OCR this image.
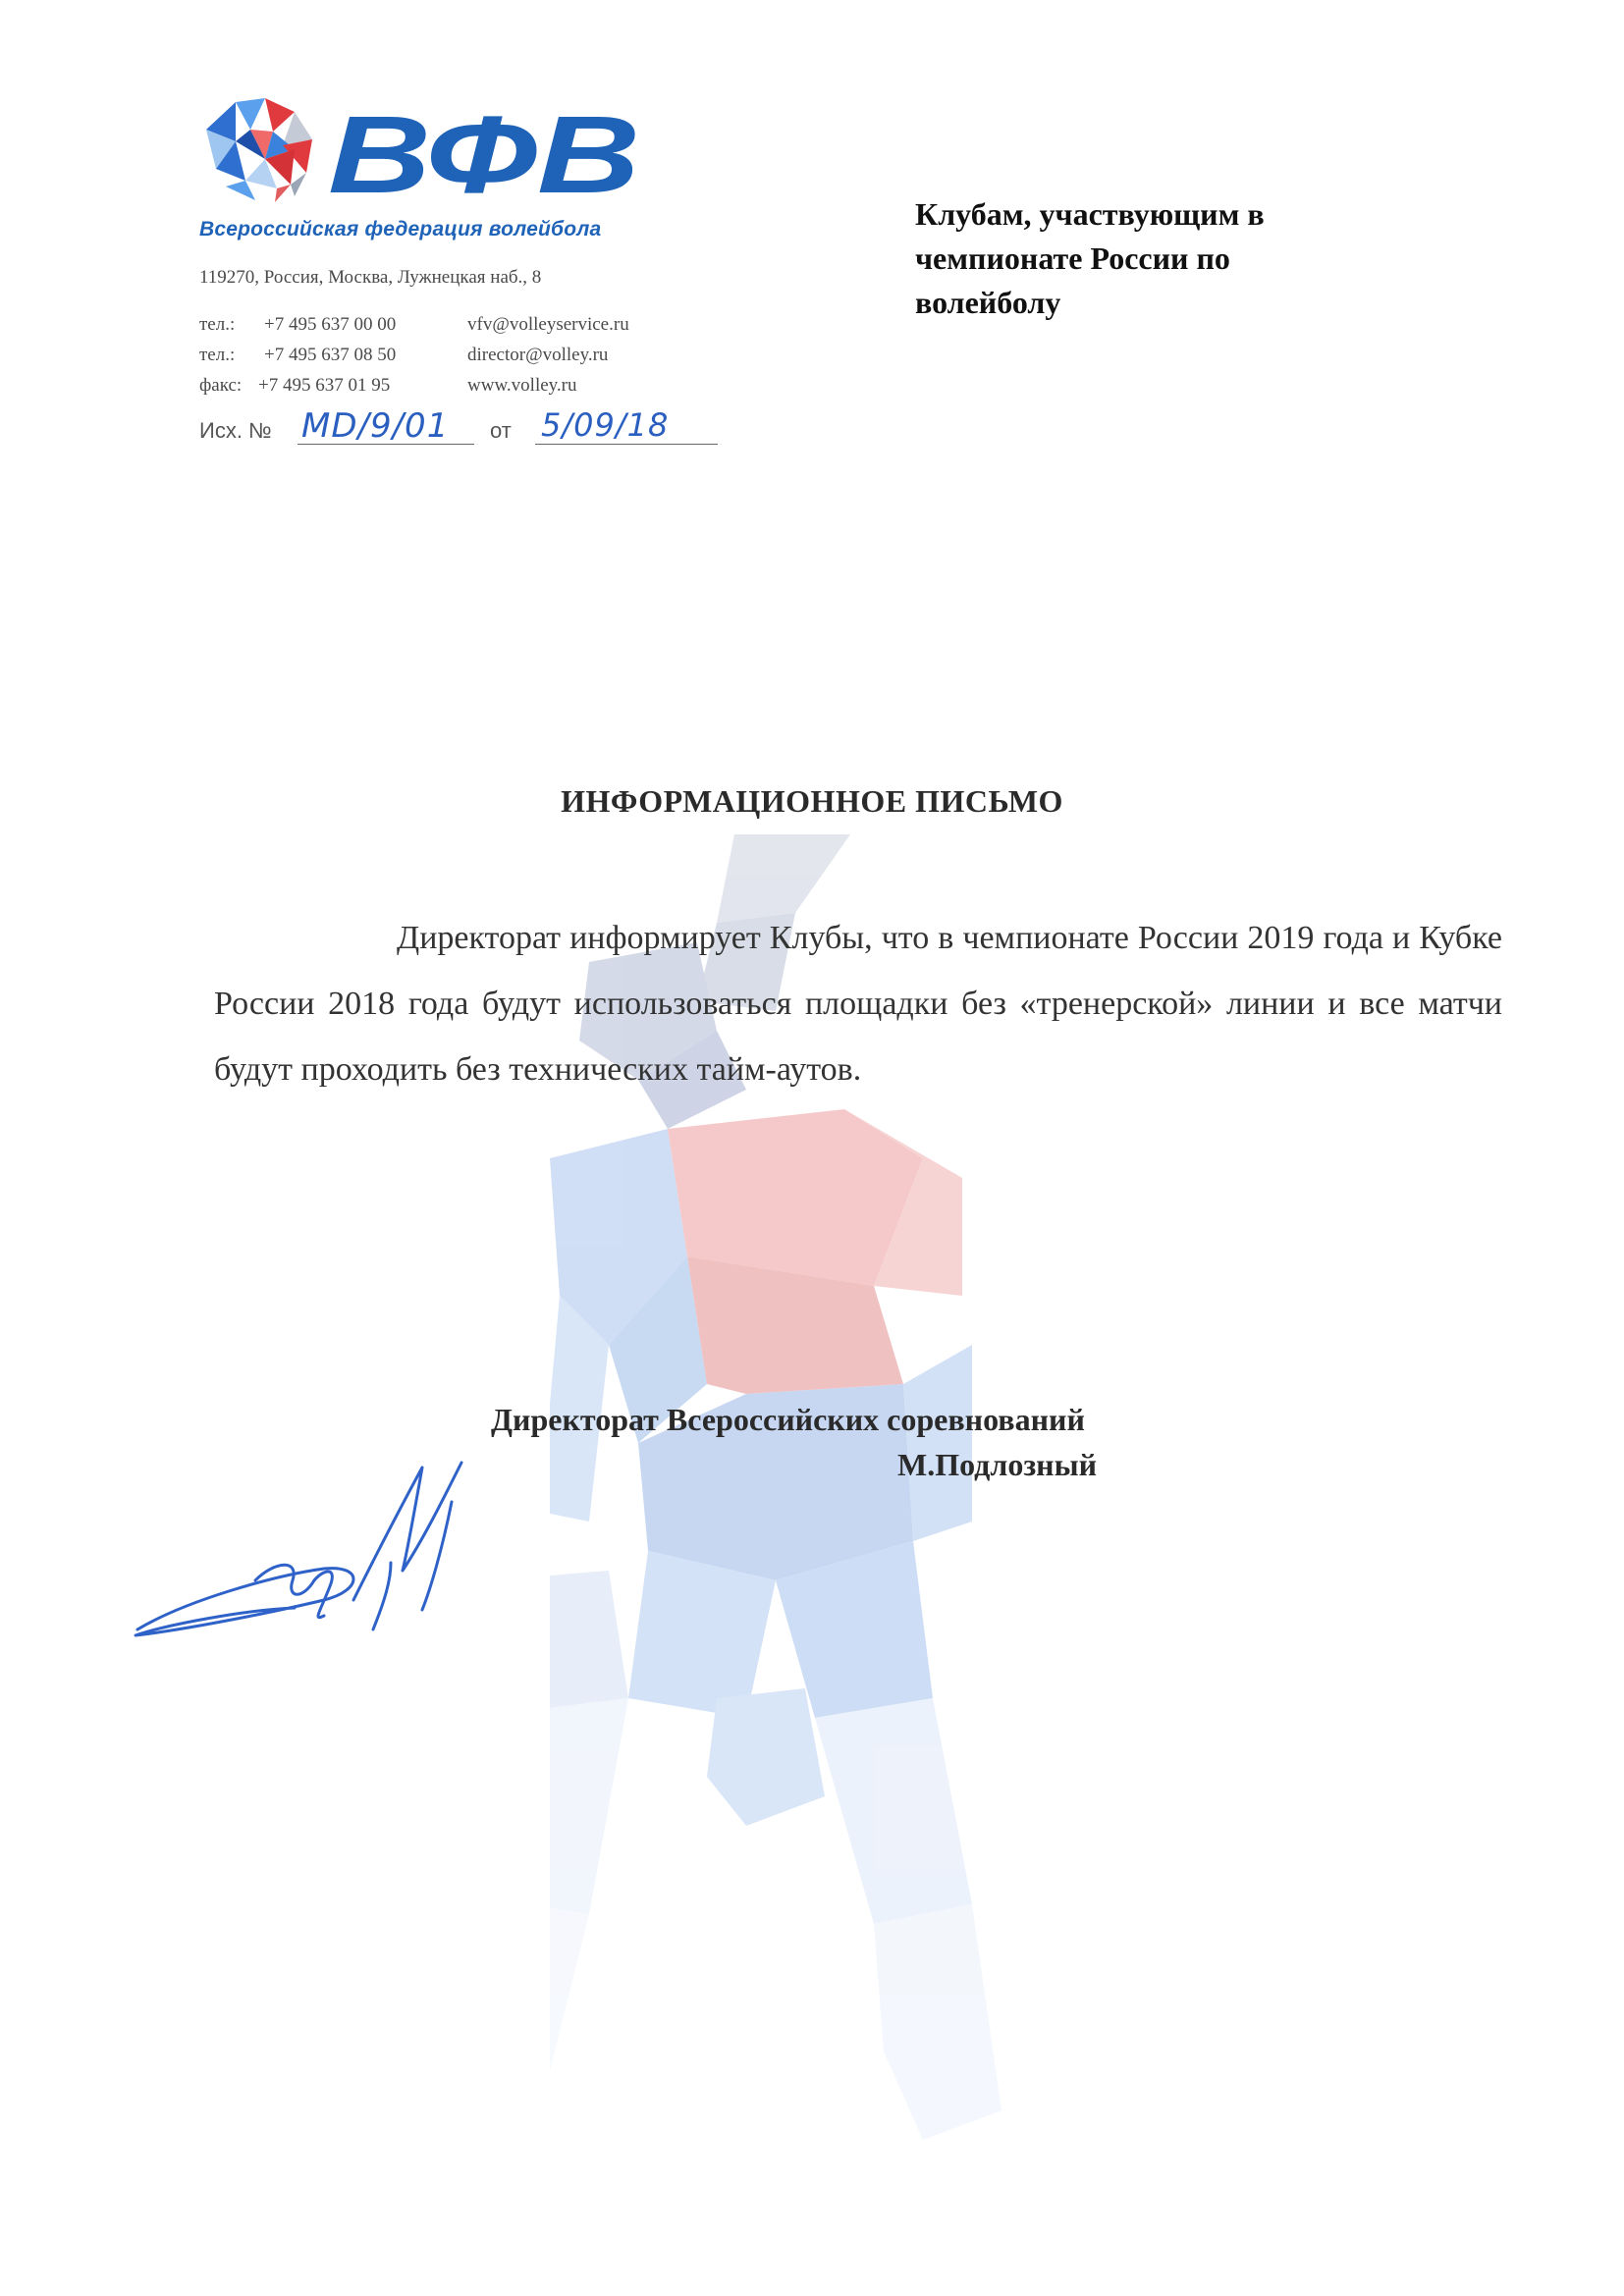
ВФВ
Всероссийская федерация волейбола
119270, Россия, Москва, Лужнецкая наб., 8
тел.: +7 495 637 00 00
тел.: +7 495 637 08 50
факс: +7 495 637 01 95
vfv@volleyservice.ru
director@volley.ru
www.volley.ru
Исх. № MD/9/01 от 5/09/18
Клубам, участвующим в чемпионате России по волейболу
ИНФОРМАЦИОННОЕ ПИСЬМО
Директорат информирует Клубы, что в чемпионате России 2019 года и Кубке России 2018 года будут использоваться площадки без «тренерской» линии и все матчи будут проходить без технических тайм-аутов.
Директорат Всероссийских соревнований
М.Подлозный
